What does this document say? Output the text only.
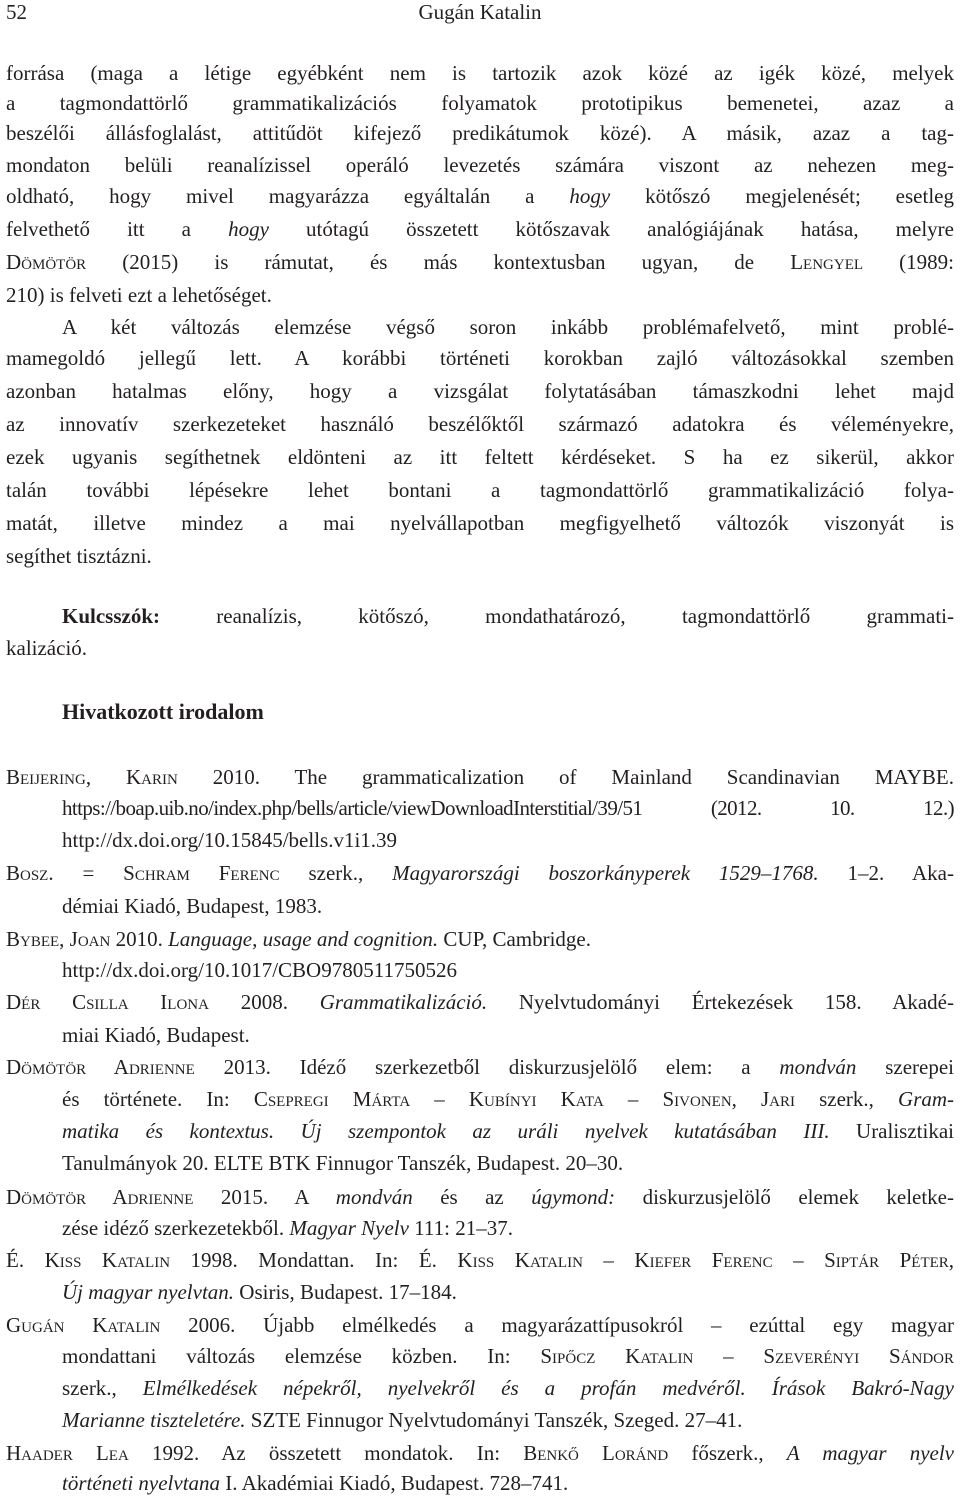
52	Gugán Katalin
forrása (maga a létige egyébként nem is tartozik azok közé az igék közé, melyek
a tagmondattörlő grammatikalizációs folyamatok prototipikus bemenetei, azaz a
beszélői állásfoglalást, attitűdöt kifejező predikátumok közé). A másik, azaz a tag-
mondaton belüli reanalízissel operáló levezetés számára viszont az nehezen meg-
oldható, hogy mivel magyarázza egyáltalán a hogy kötőszó megjelenését; esetleg
felvethető itt a hogy utótagú összetett kötőszavak analógiájának hatása, melyre
Dömötör (2015) is rámutat, és más kontextusban ugyan, de Lengyel (1989:
210) is felveti ezt a lehetőséget.
A két változás elemzése végső soron inkább problémafelvető, mint problé-
mamegoldó jellegű lett. A korábbi történeti korokban zajló változásokkal szemben
azonban hatalmas előny, hogy a vizsgálat folytatásában támaszkodni lehet majd
az innovatív szerkezeteket használó beszélőktől származó adatokra és véleményekre,
ezek ugyanis segíthetnek eldönteni az itt feltett kérdéseket. S ha ez sikerül, akkor
talán további lépésekre lehet bontani a tagmondattörlő grammatikalizáció folya-
matát, illetve mindez a mai nyelvállapotban megfigyelhető változók viszonyát is
segíthet tisztázni.
Kulcsszók: reanalízis, kötőszó, mondathatározó, tagmondattörlő grammati-
kalizáció.
Hivatkozott irodalom
Beijering, Karin 2010. The grammaticalization of Mainland Scandinavian MAYBE.
https://boap.uib.no/index.php/bells/article/viewDownloadInterstitial/39/51 (2012. 10. 12.)
http://dx.doi.org/10.15845/bells.v1i1.39
Bosz. = Schram Ferenc szerk., Magyarországi boszorkányperek 1529–1768. 1–2. Aka-
démiai Kiadó, Budapest, 1983.
Bybee, Joan 2010. Language, usage and cognition. CUP, Cambridge.
http://dx.doi.org/10.1017/CBO9780511750526
Dér Csilla Ilona 2008. Grammatikalizáció. Nyelvtudományi Értekezések 158. Akadé-
miai Kiadó, Budapest.
Dömötör Adrienne 2013. Idéző szerkezetből diskurzusjelölő elem: a mondván szerepei
és története. In: Csepregi Márta – Kubínyi Kata – Sivonen, Jari szerk., Gram-
matika és kontextus. Új szempontok az uráli nyelvek kutatásában III. Uralisztikai
Tanulmányok 20. ELTE BTK Finnugor Tanszék, Budapest. 20–30.
Dömötör Adrienne 2015. A mondván és az úgymond: diskurzusjelölő elemek keletke-
zése idéző szerkezetekből. Magyar Nyelv 111: 21–37.
É. Kiss Katalin 1998. Mondattan. In: É. Kiss Katalin – Kiefer Ferenc – Siptár Péter,
Új magyar nyelvtan. Osiris, Budapest. 17–184.
Gugán Katalin 2006. Újabb elmélkedés a magyarázattípusokról – ezúttal egy magyar
mondattani változás elemzése közben. In: Sipőcz Katalin – Szeverényi Sándor
szerk., Elmélkedések népekről, nyelvekről és a profán medvéről. Írások Bakró-Nagy
Marianne tiszteletére. SZTE Finnugor Nyelvtudományi Tanszék, Szeged. 27–41.
Haader Lea 1992. Az összetett mondatok. In: Benkő Loránd főszerk., A magyar nyelv
történeti nyelvtana I. Akadémiai Kiadó, Budapest. 728–741.
